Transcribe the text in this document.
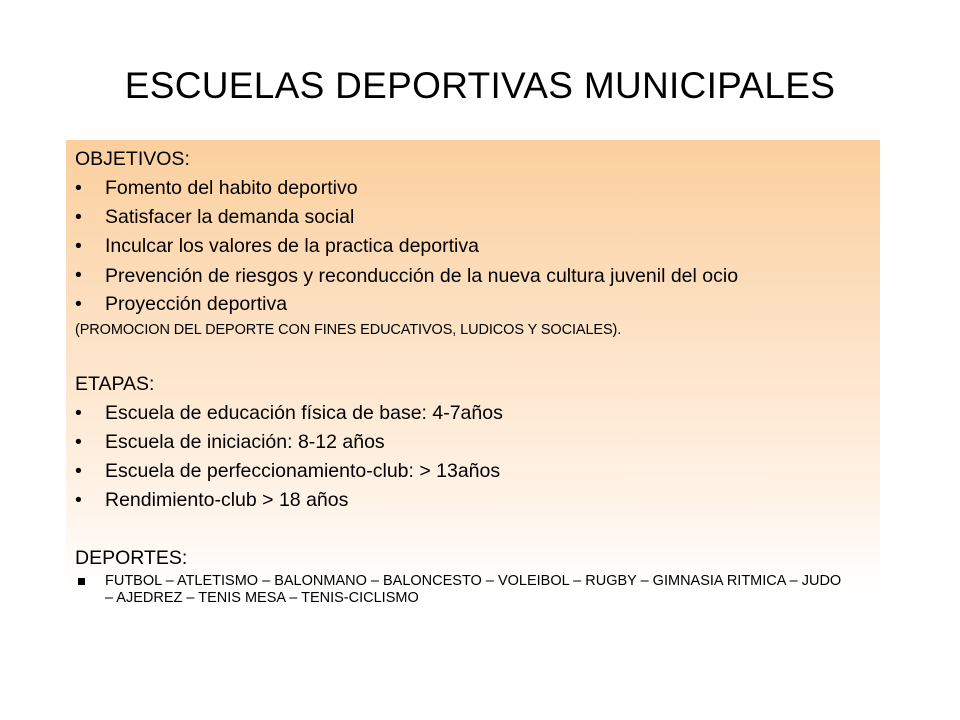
ESCUELAS DEPORTIVAS MUNICIPALES

OBJETIVOS:

•	Fomento del habito deportivo
•	Satisfacer la demanda social
•	Inculcar los valores de la practica deportiva
•	Prevención de riesgos y reconducción de la nueva cultura juvenil del ocio
•	Proyección deportiva
(PROMOCION DEL DEPORTE CON FINES EDUCATIVOS, LUDICOS Y SOCIALES).

ETAPAS:

•	Escuela de educación física de base: 4-7años
•	Escuela de iniciación: 8-12 años
•	Escuela de perfeccionamiento-club: > 13años
•	Rendimiento-club > 18 años

DEPORTES:

FUTBOL – ATLETISMO – BALONMANO – BALONCESTO – VOLEIBOL – RUGBY – GIMNASIA RITMICA – JUDO – AJEDREZ – TENIS MESA – TENIS-CICLISMO
